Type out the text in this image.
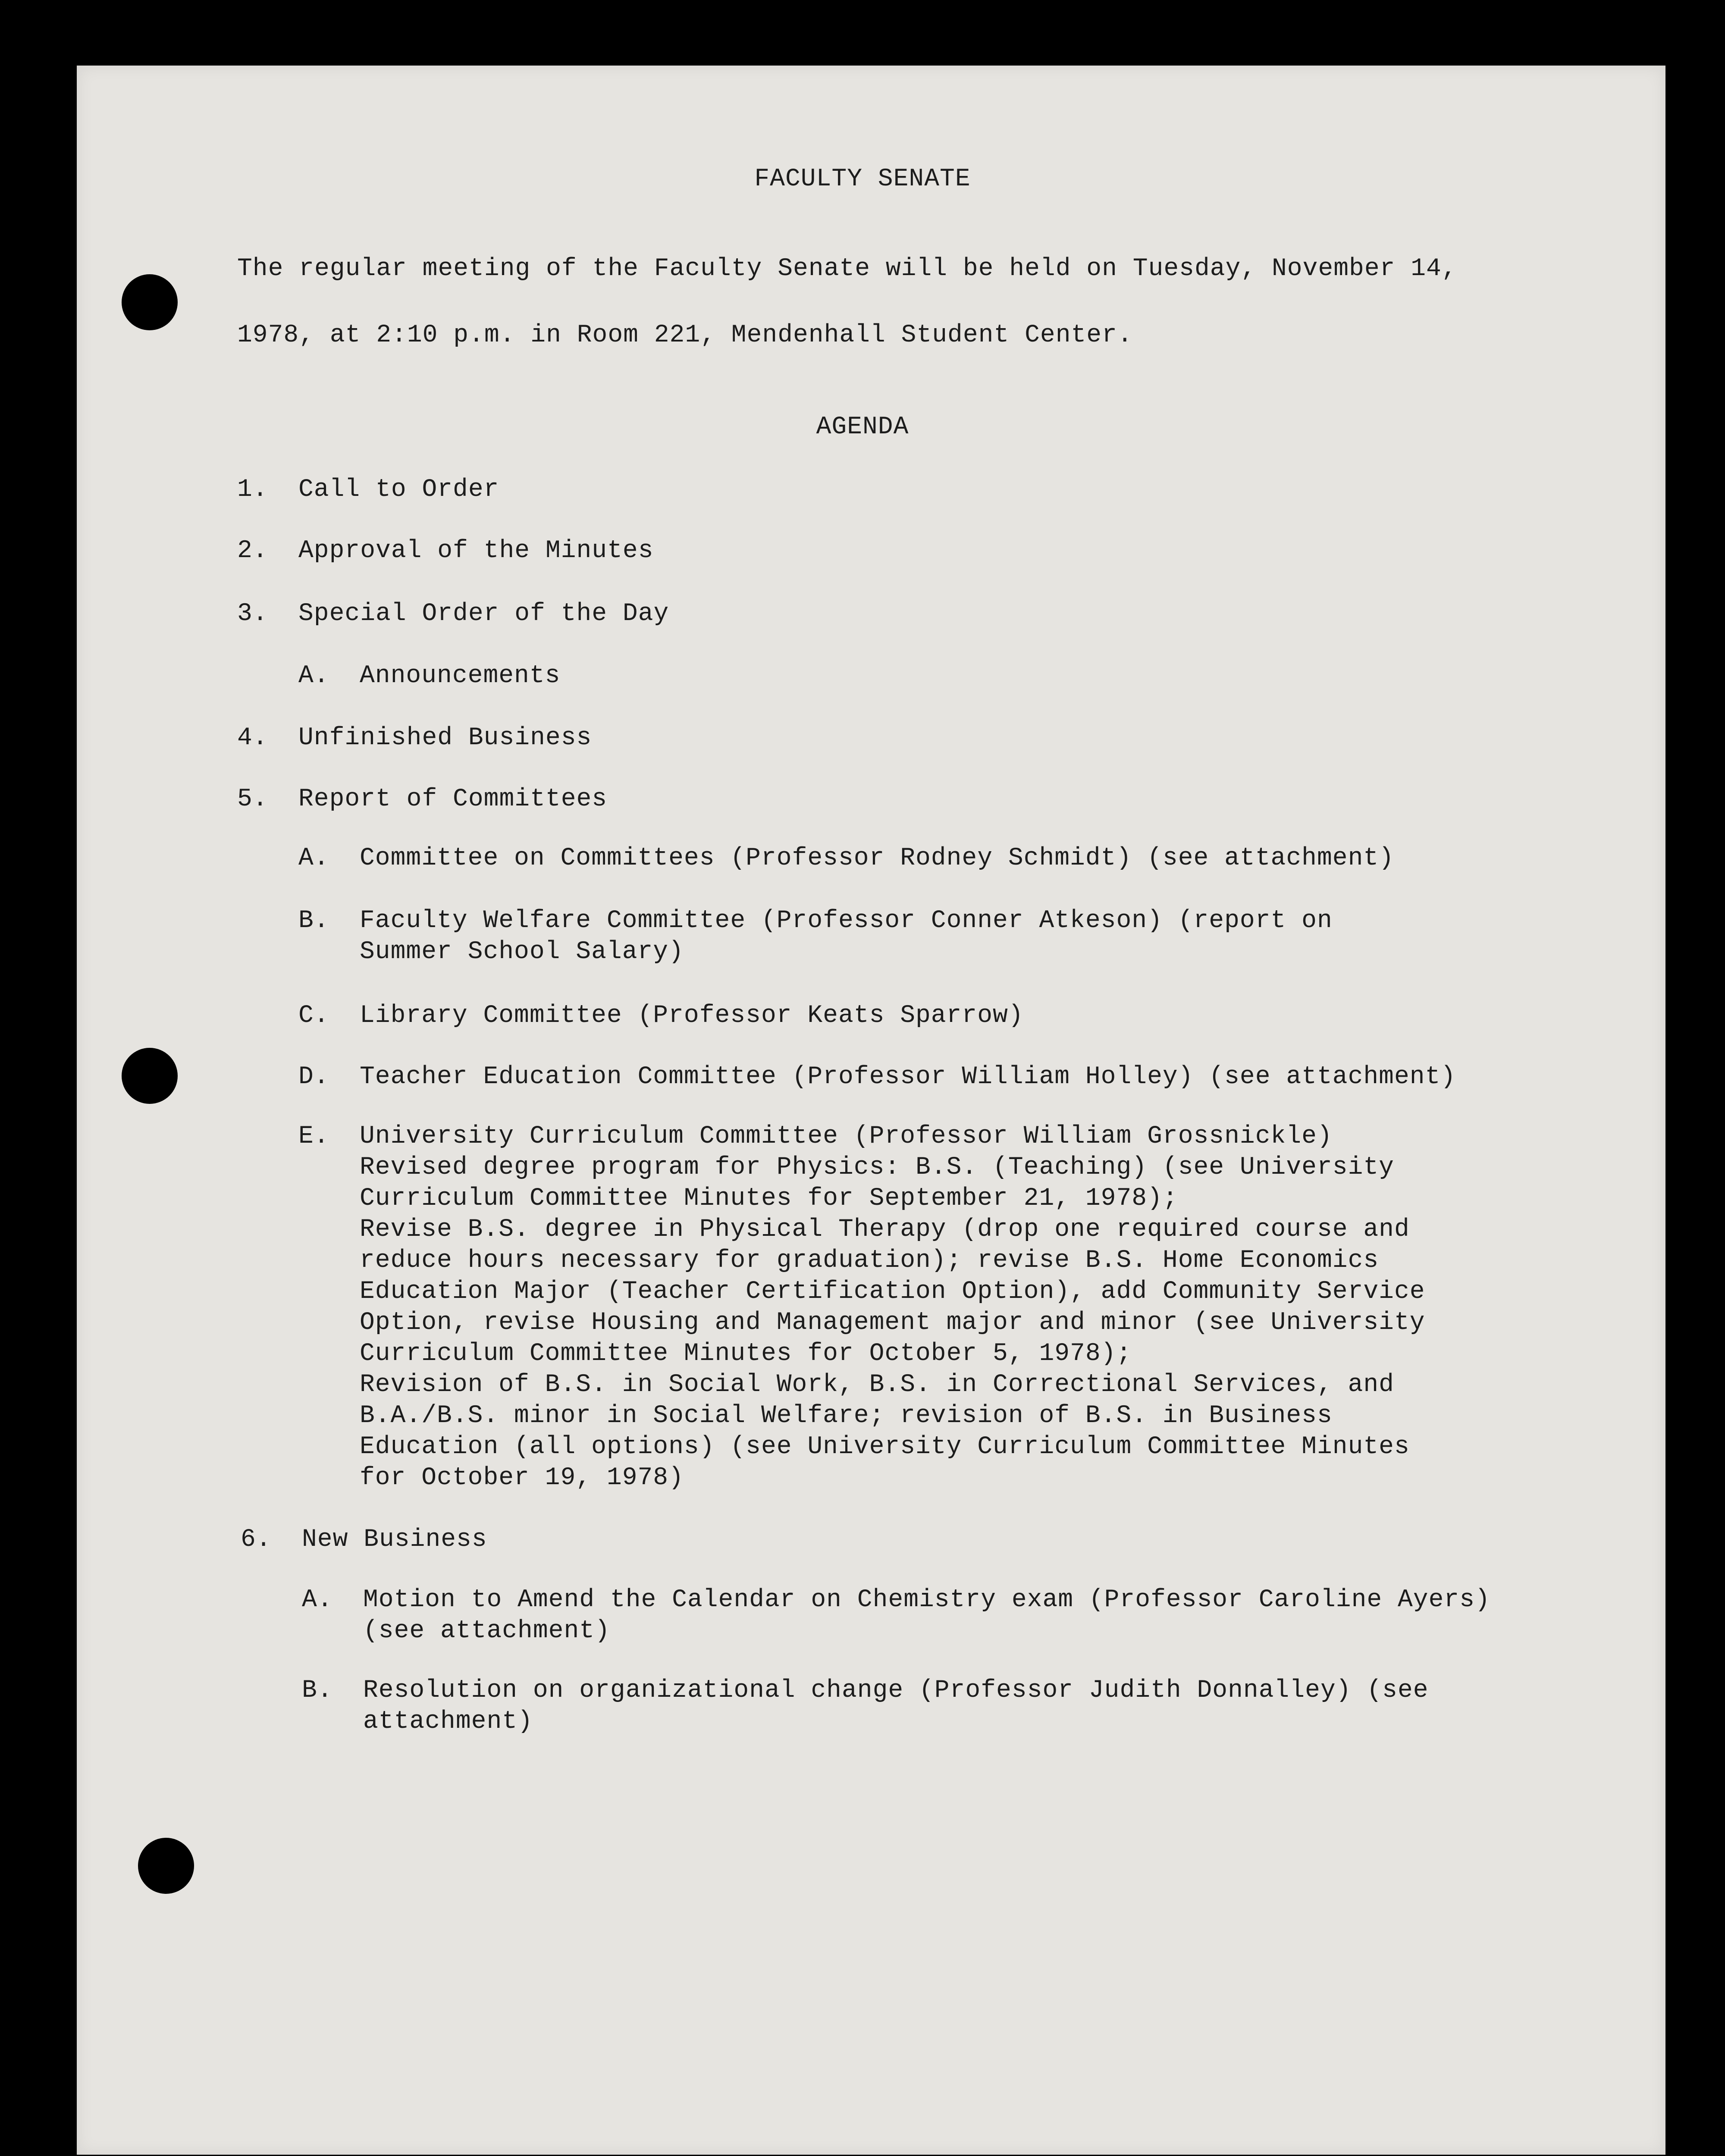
FACULTY SENATE
The regular meeting of the Faculty Senate will be held on Tuesday, November 14,
1978, at 2:10 p.m. in Room 221, Mendenhall Student Center.
AGENDA
1. Call to Order
2. Approval of the Minutes
3. Special Order of the Day
A. Announcements
4. Unfinished Business
5. Report of Committees
A. Committee on Committees (Professor Rodney Schmidt) (see attachment)
B. Faculty Welfare Committee (Professor Conner Atkeson) (report on
Summer School Salary)
C. Library Committee (Professor Keats Sparrow)
D. Teacher Education Committee (Professor William Holley) (see attachment)
E. University Curriculum Committee (Professor William Grossnickle)
Revised degree program for Physics: B.S. (Teaching) (see University
Curriculum Committee Minutes for September 21, 1978);
Revise B.S. degree in Physical Therapy (drop one required course and
reduce hours necessary for graduation); revise B.S. Home Economics
Education Major (Teacher Certification Option), add Community Service
Option, revise Housing and Management major and minor (see University
Curriculum Committee Minutes for October 5, 1978);
Revision of B.S. in Social Work, B.S. in Correctional Services, and
B.A./B.S. minor in Social Welfare; revision of B.S. in Business
Education (all options) (see University Curriculum Committee Minutes
for October 19, 1978)
6. New Business
A. Motion to Amend the Calendar on Chemistry exam (Professor Caroline Ayers)
(see attachment)
B. Resolution on organizational change (Professor Judith Donnalley) (see
attachment)
